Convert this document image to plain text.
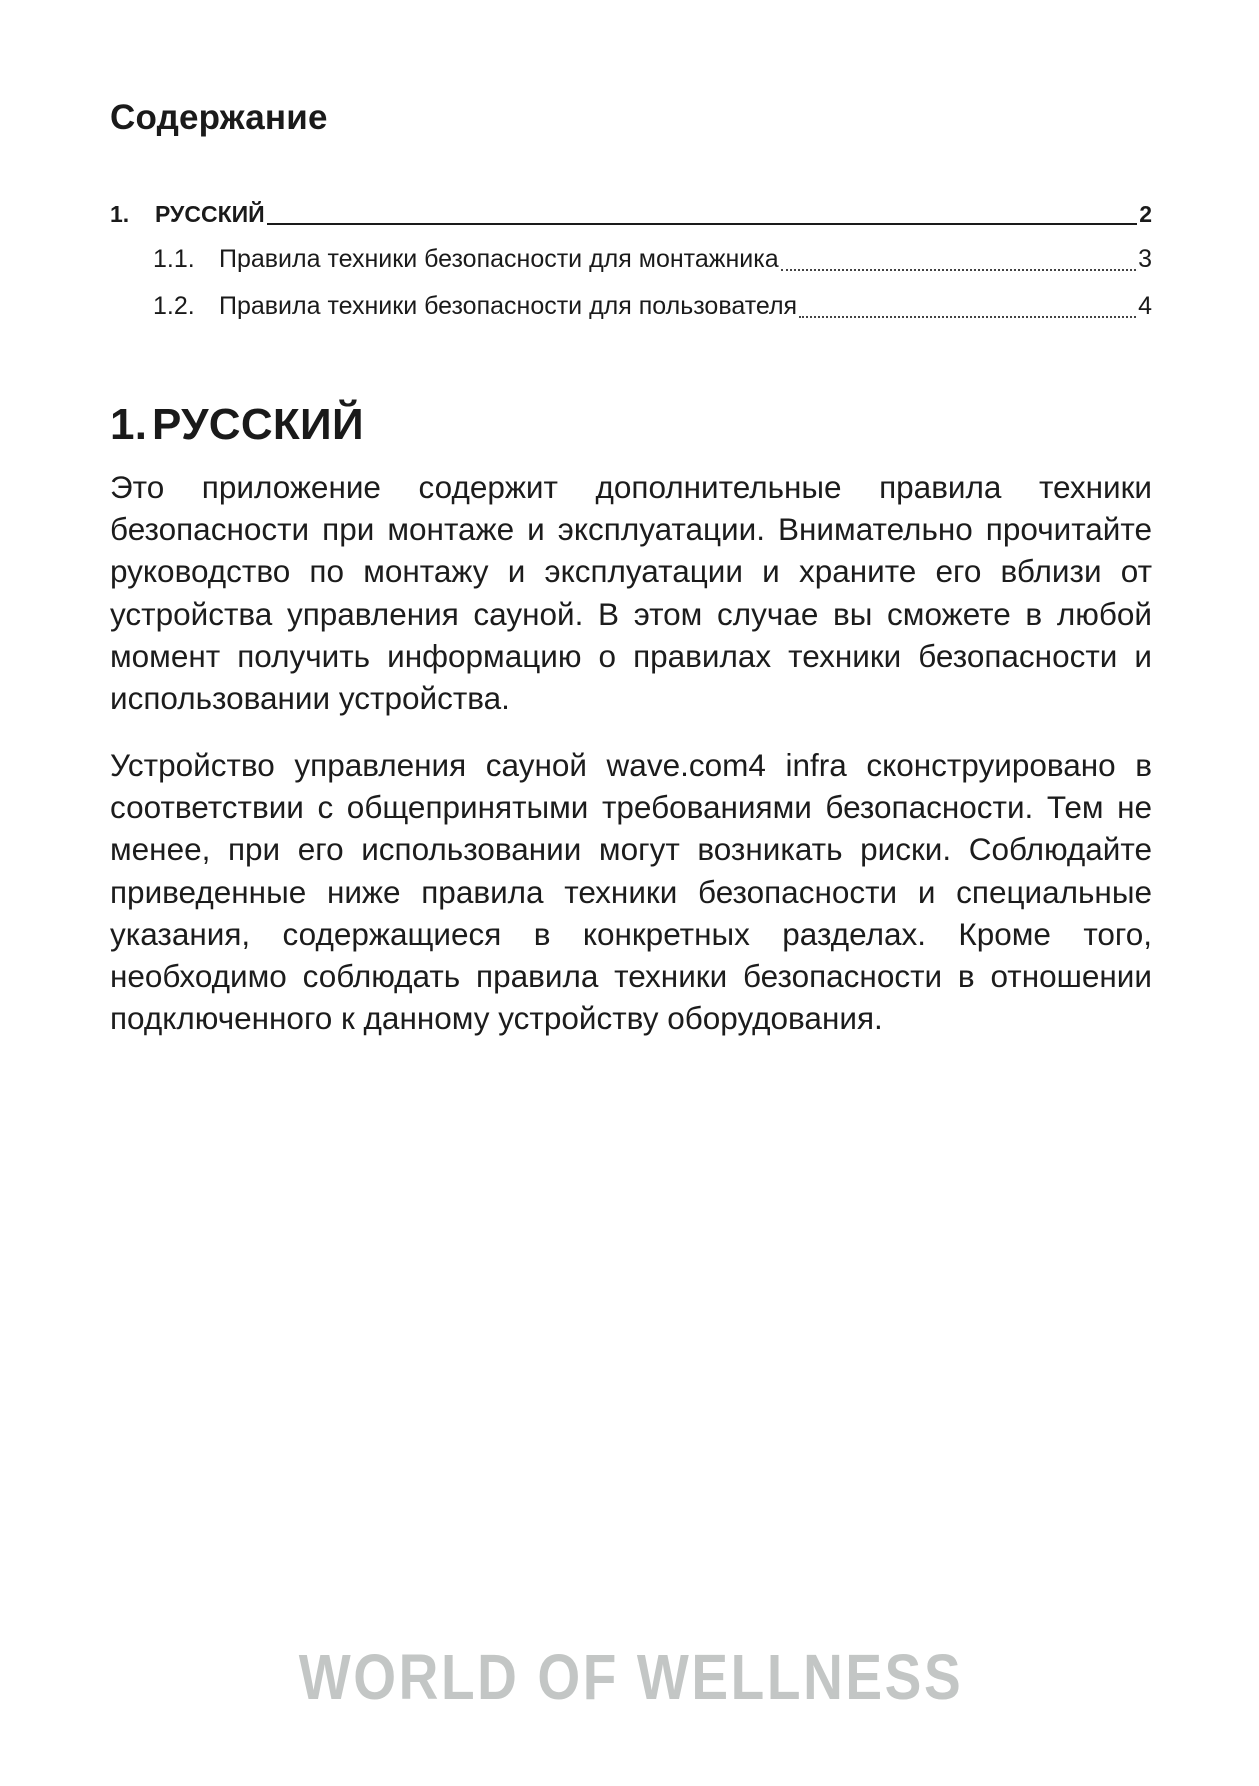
Содержание
1.	РУССКИЙ	2
1.1. Правила техники безопасности для монтажника	3
1.2. Правила техники безопасности для пользователя	4
1. РУССКИЙ

Это приложение содержит дополнительные правила техники безопасности при монтаже и эксплуатации. Внимательно прочитайте руководство по монтажу и эксплуатации и храните его вблизи от устройства управления сауной. В этом случае вы сможете в любой момент получить информацию о правилах техники безопасности и использовании устройства.

Устройство управления сауной wave.com4 infra сконструировано в соответствии с общепринятыми требованиями безопасности. Тем не менее, при его использовании могут возникать риски. Соблюдайте приведенные ниже правила техники безопасности и специальные указания, содержащиеся в конкретных разделах. Кроме того, необходимо соблюдать правила техники безопасности в отношении подключенного к данному устройству оборудования.

WORLD OF WELLNESS
